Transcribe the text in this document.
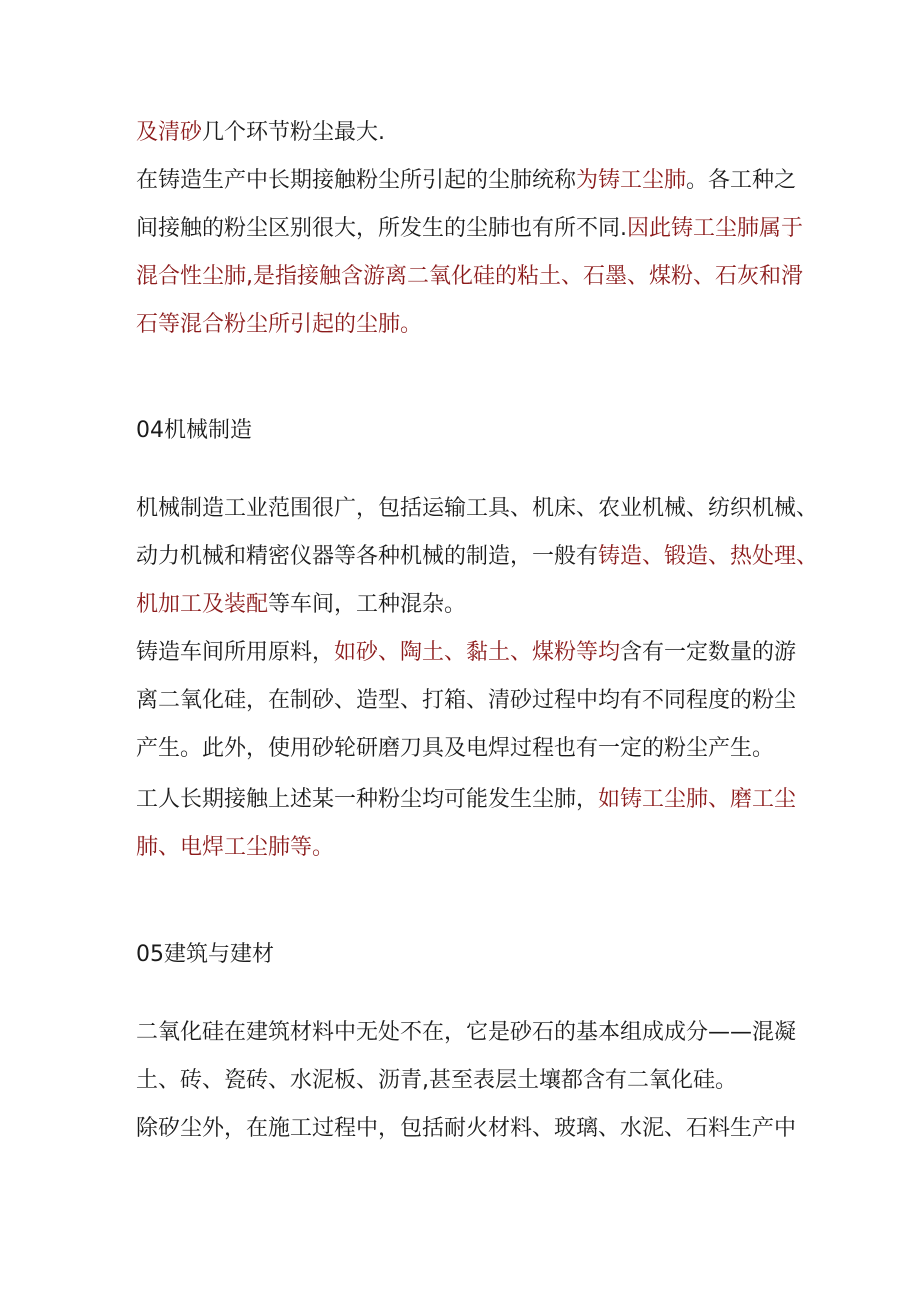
及清砂几个环节粉尘最大.
在铸造生产中长期接触粉尘所引起的尘肺统称为铸工尘肺。各工种之
间接触的粉尘区别很大，所发生的尘肺也有所不同.因此铸工尘肺属于
混合性尘肺,是指接触含游离二氧化硅的粘土、石墨、煤粉、石灰和滑
石等混合粉尘所引起的尘肺。
04机械制造
机械制造工业范围很广，包括运输工具、机床、农业机械、纺织机械、
动力机械和精密仪器等各种机械的制造，一般有铸造、锻造、热处理、
机加工及装配等车间，工种混杂。
铸造车间所用原料，如砂、陶土、黏土、煤粉等均含有一定数量的游
离二氧化硅，在制砂、造型、打箱、清砂过程中均有不同程度的粉尘
产生。此外，使用砂轮研磨刀具及电焊过程也有一定的粉尘产生。
工人长期接触上述某一种粉尘均可能发生尘肺，如铸工尘肺、磨工尘
肺、电焊工尘肺等。
05建筑与建材
二氧化硅在建筑材料中无处不在，它是砂石的基本组成成分——混凝
土、砖、瓷砖、水泥板、沥青,甚至表层土壤都含有二氧化硅。
除矽尘外，在施工过程中，包括耐火材料、玻璃、水泥、石料生产中
